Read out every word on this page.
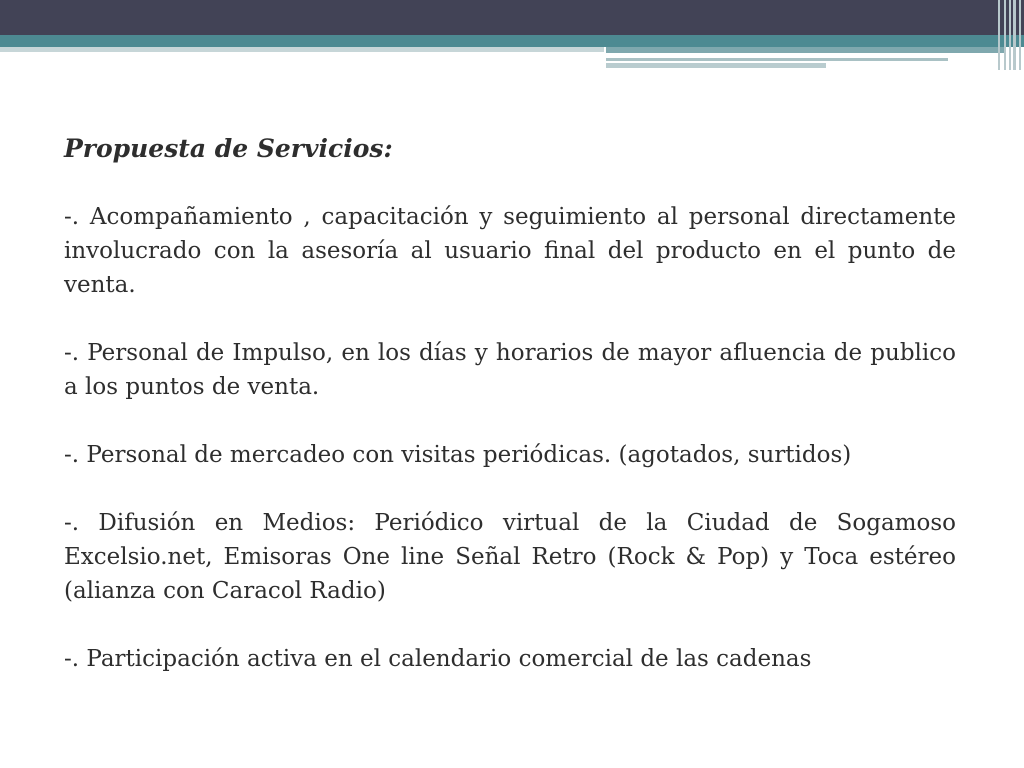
Propuesta de Servicios:

-. Acompañamiento , capacitación y seguimiento al personal directamente involucrado con la asesoría al usuario final del producto en el punto de venta.

-. Personal de Impulso, en los días y horarios de mayor afluencia de publico a los puntos de venta.

-. Personal de mercadeo con visitas periódicas. (agotados, surtidos)

-. Difusión en Medios: Periódico virtual de la Ciudad de Sogamoso Excelsio.net, Emisoras One line Señal Retro (Rock & Pop) y Toca estéreo (alianza con Caracol Radio)

-. Participación activa en el calendario comercial de las cadenas
